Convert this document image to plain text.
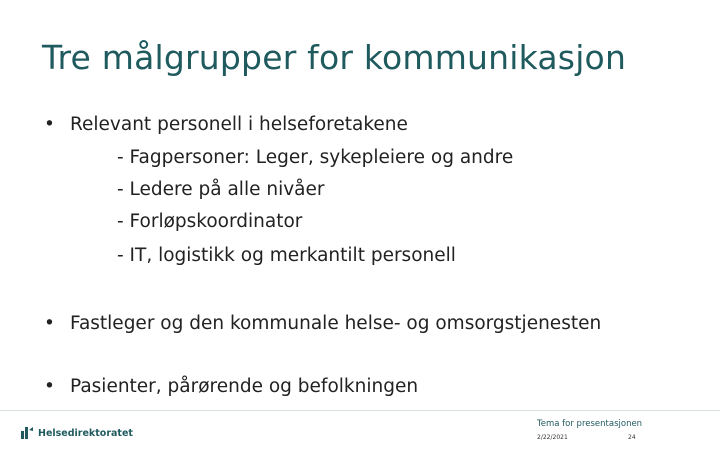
Tre målgrupper for kommunikasjon
• Relevant personell i helseforetakene
- Fagpersoner: Leger, sykepleiere og andre
- Ledere på alle nivåer
- Forløpskoordinator
- IT, logistikk og merkantilt personell
• Fastleger og den kommunale helse- og omsorgstjenesten
• Pasienter, pårørende og befolkningen
Helsedirektoratet
Tema for presentasjonen
2/22/2021	24
